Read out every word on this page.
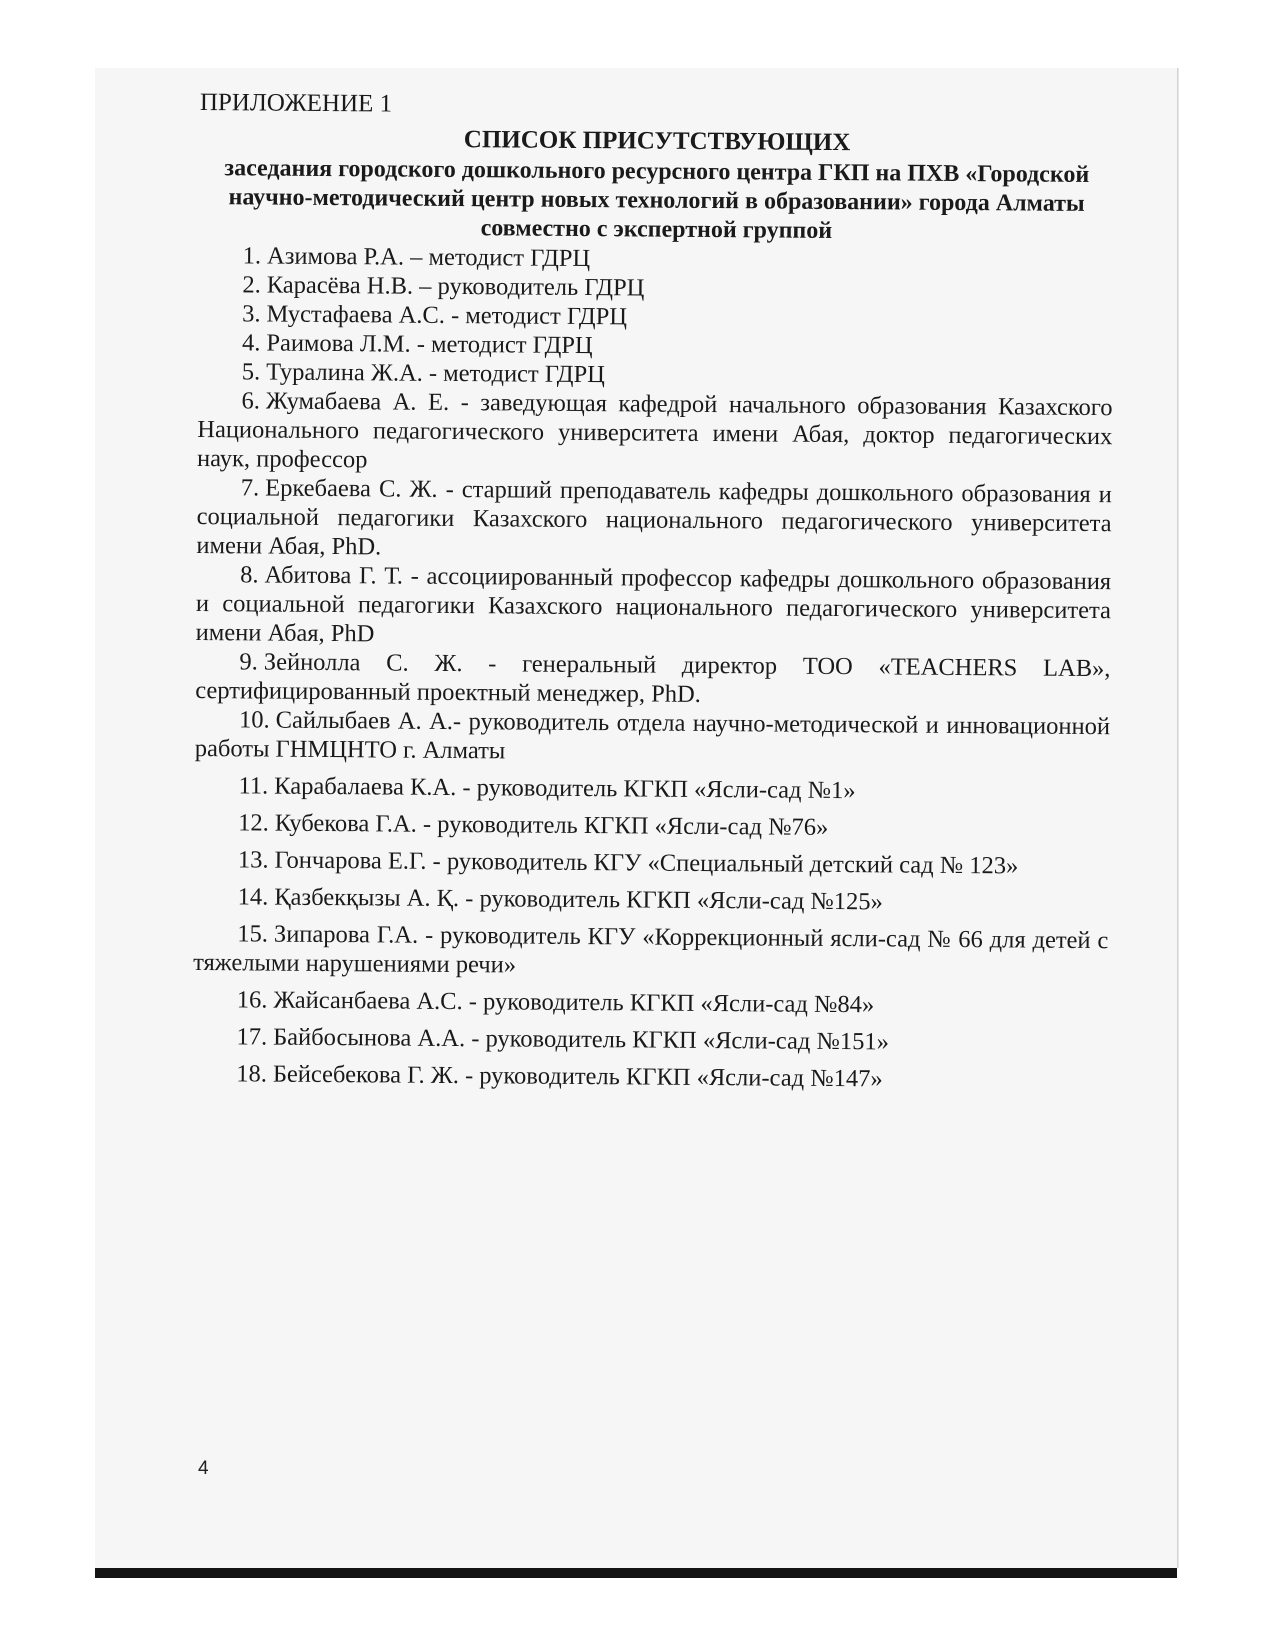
ПРИЛОЖЕНИЕ 1

СПИСОК ПРИСУТСТВУЮЩИХ

заседания городского дошкольного ресурсного центра ГКП на ПХВ «Городской научно-методический центр новых технологий в образовании» города Алматы совместно с экспертной группой

1. Азимова Р.А. – методист ГДРЦ
2. Карасёва Н.В. – руководитель ГДРЦ
3. Мустафаева А.С. - методист ГДРЦ
4. Раимова Л.М. - методист ГДРЦ
5. Туралина Ж.А. - методист ГДРЦ
6. Жумабаева А. Е. - заведующая кафедрой начального образования Казахского Национального педагогического университета имени Абая, доктор педагогических наук, профессор
7. Еркебаева С. Ж. - старший преподаватель кафедры дошкольного образования и социальной педагогики Казахского национального педагогического университета имени Абая, PhD.
8. Абитова Г. Т. - ассоциированный профессор кафедры дошкольного образования и социальной педагогики Казахского национального педагогического университета имени Абая, PhD
9. Зейнолла С. Ж. - генеральный директор ТОО «TEACHERS LAB», сертифицированный проектный менеджер, PhD.
10. Сайлыбаев А. А.- руководитель отдела научно-методической и инновационной работы ГНМЦНТО г. Алматы
11. Карабалаева К.А. - руководитель КГКП «Ясли-сад №1»
12. Кубекова Г.А. - руководитель КГКП «Ясли-сад №76»
13. Гончарова Е.Г. - руководитель КГУ «Специальный детский сад № 123»
14. Қазбекқызы А. Қ. - руководитель КГКП «Ясли-сад №125»
15. Зипарова Г.А. - руководитель КГУ «Коррекционный ясли-сад № 66 для детей с тяжелыми нарушениями речи»
16. Жайсанбаева А.С. - руководитель КГКП «Ясли-сад №84»
17. Байбосынова А.А. - руководитель КГКП «Ясли-сад №151»
18. Бейсебекова Г. Ж. - руководитель КГКП «Ясли-сад №147»
4
